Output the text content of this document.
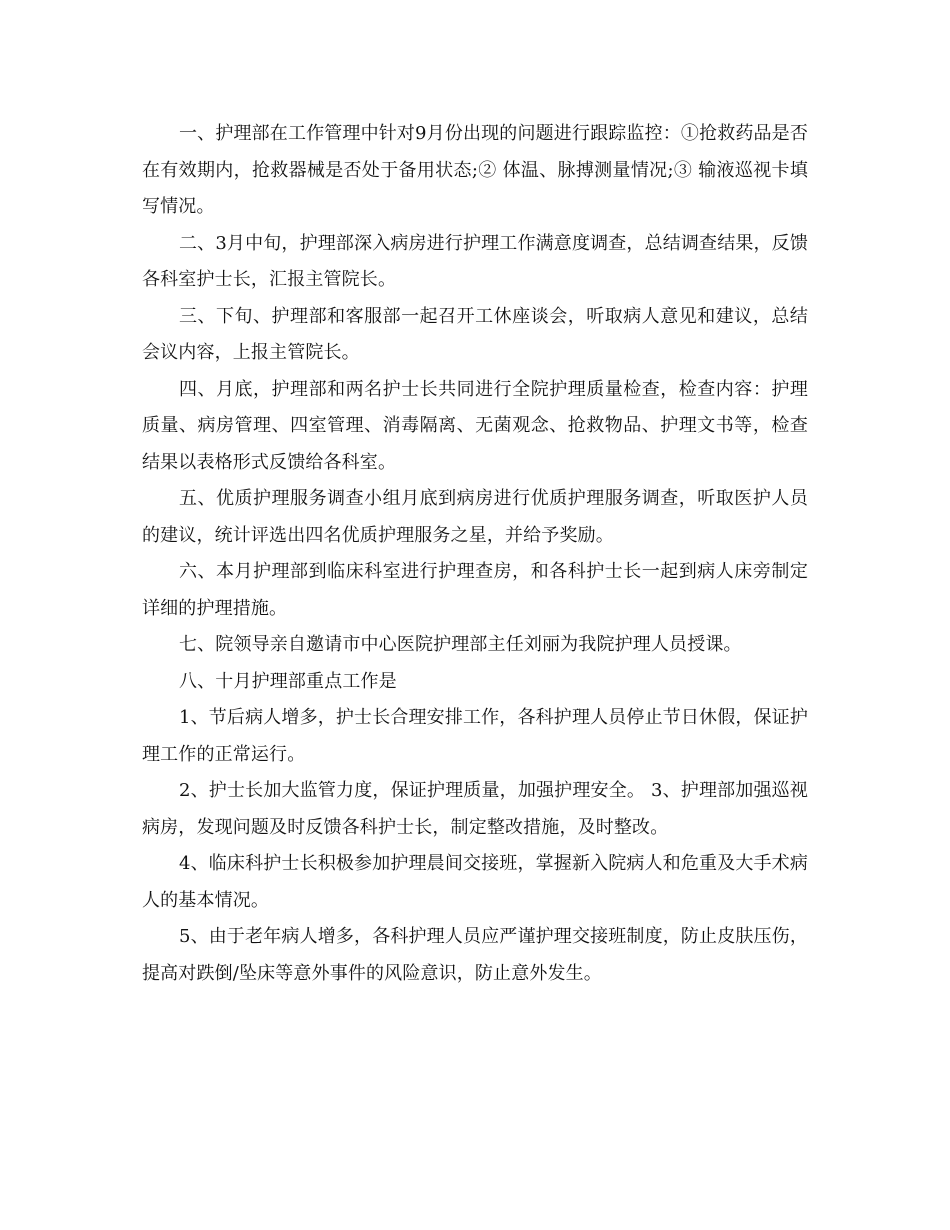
一、护理部在工作管理中针对9月份出现的问题进行跟踪监控：①抢救药品是否在有效期内，抢救器械是否处于备用状态;② 体温、脉搏测量情况;③ 输液巡视卡填写情况。

二、3月中旬，护理部深入病房进行护理工作满意度调查，总结调查结果，反馈各科室护士长，汇报主管院长。

三、下旬、护理部和客服部一起召开工休座谈会，听取病人意见和建议，总结会议内容，上报主管院长。

四、月底，护理部和两名护士长共同进行全院护理质量检查，检查内容：护理质量、病房管理、四室管理、消毒隔离、无菌观念、抢救物品、护理文书等，检查结果以表格形式反馈给各科室。

五、优质护理服务调查小组月底到病房进行优质护理服务调查，听取医护人员的建议，统计评选出四名优质护理服务之星，并给予奖励。

六、本月护理部到临床科室进行护理查房，和各科护士长一起到病人床旁制定详细的护理措施。

七、院领导亲自邀请市中心医院护理部主任刘丽为我院护理人员授课。

八、十月护理部重点工作是

1、节后病人增多，护士长合理安排工作，各科护理人员停止节日休假，保证护理工作的正常运行。

2、护士长加大监管力度，保证护理质量，加强护理安全。 3、护理部加强巡视病房，发现问题及时反馈各科护士长，制定整改措施，及时整改。

4、临床科护士长积极参加护理晨间交接班，掌握新入院病人和危重及大手术病人的基本情况。

5、由于老年病人增多，各科护理人员应严谨护理交接班制度，防止皮肤压伤，提高对跌倒/坠床等意外事件的风险意识，防止意外发生。
